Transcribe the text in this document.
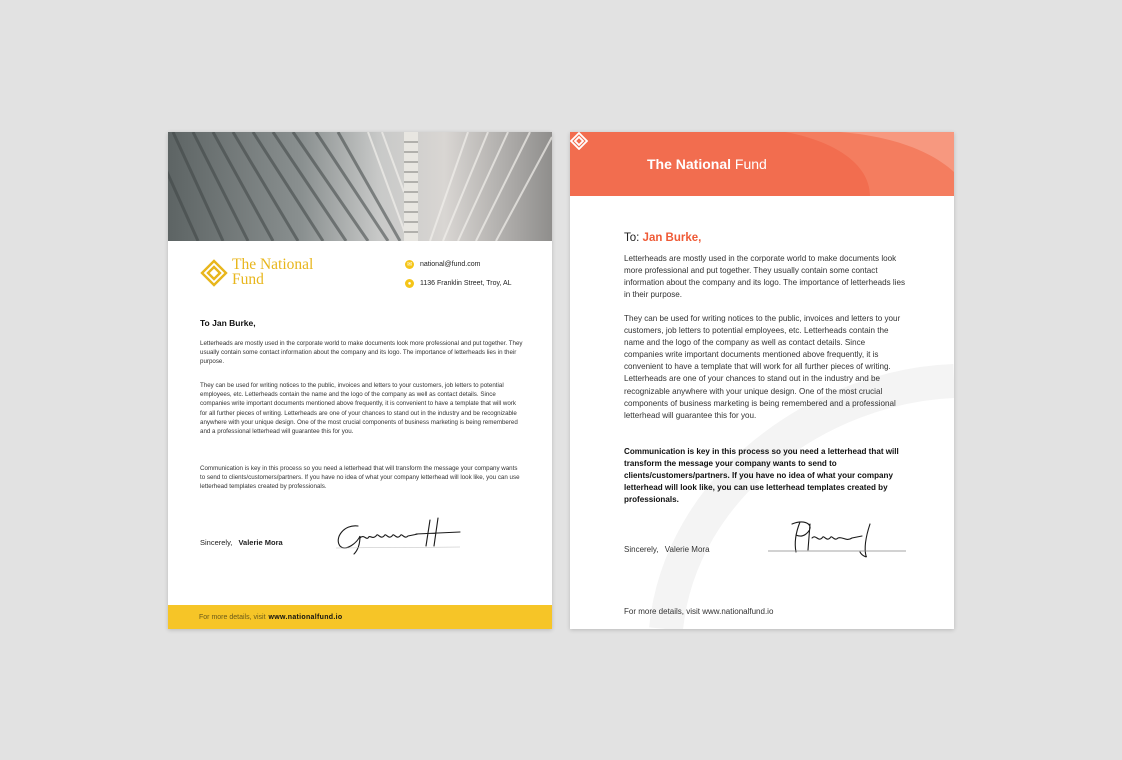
The National
Fund
✉ national@fund.com
●	1136 Franklin Street, Troy, AL
To Jan Burke,

Letterheads are mostly used in the corporate world to make documents look more professional and put together. They usually contain some contact information about the company and its logo. The importance of letterheads lies in their purpose.

They can be used for writing notices to the public, invoices and letters to your customers, job letters to potential employees, etc. Letterheads contain the name and the logo of the company as well as contact details. Since companies write important documents mentioned above frequently, it is convenient to have a template that will work for all further pieces of writing. Letterheads are one of your chances to stand out in the industry and be recognizable anywhere with your unique design. One of the most crucial components of business marketing is being remembered and a professional letterhead will guarantee this for you.

Communication is key in this process so you need a letterhead that will transform the message your company wants to send to clients/customers/partners. If you have no idea of what your company letterhead will look like, you can use letterhead templates created by professionals.

Sincerely, Valerie Mora
For more details, visit www.nationalfund.io
The National Fund
To: Jan Burke,

Letterheads are mostly used in the corporate world to make documents look more professional and put together. They usually contain some contact information about the company and its logo. The importance of letterheads lies in their purpose.

They can be used for writing notices to the public, invoices and letters to your customers, job letters to potential employees, etc. Letterheads contain the name and the logo of the company as well as contact details. Since companies write important documents mentioned above frequently, it is convenient to have a template that will work for all further pieces of writing. Letterheads are one of your chances to stand out in the industry and be recognizable anywhere with your unique design. One of the most crucial components of business marketing is being remembered and a professional letterhead will guarantee this for you.

Communication is key in this process so you need a letterhead that will transform the message your company wants to send to clients/customers/partners. If you have no idea of what your company letterhead will look like, you can use letterhead templates created by professionals.

Sincerely, Valerie Mora
For more details, visit www.nationalfund.io
